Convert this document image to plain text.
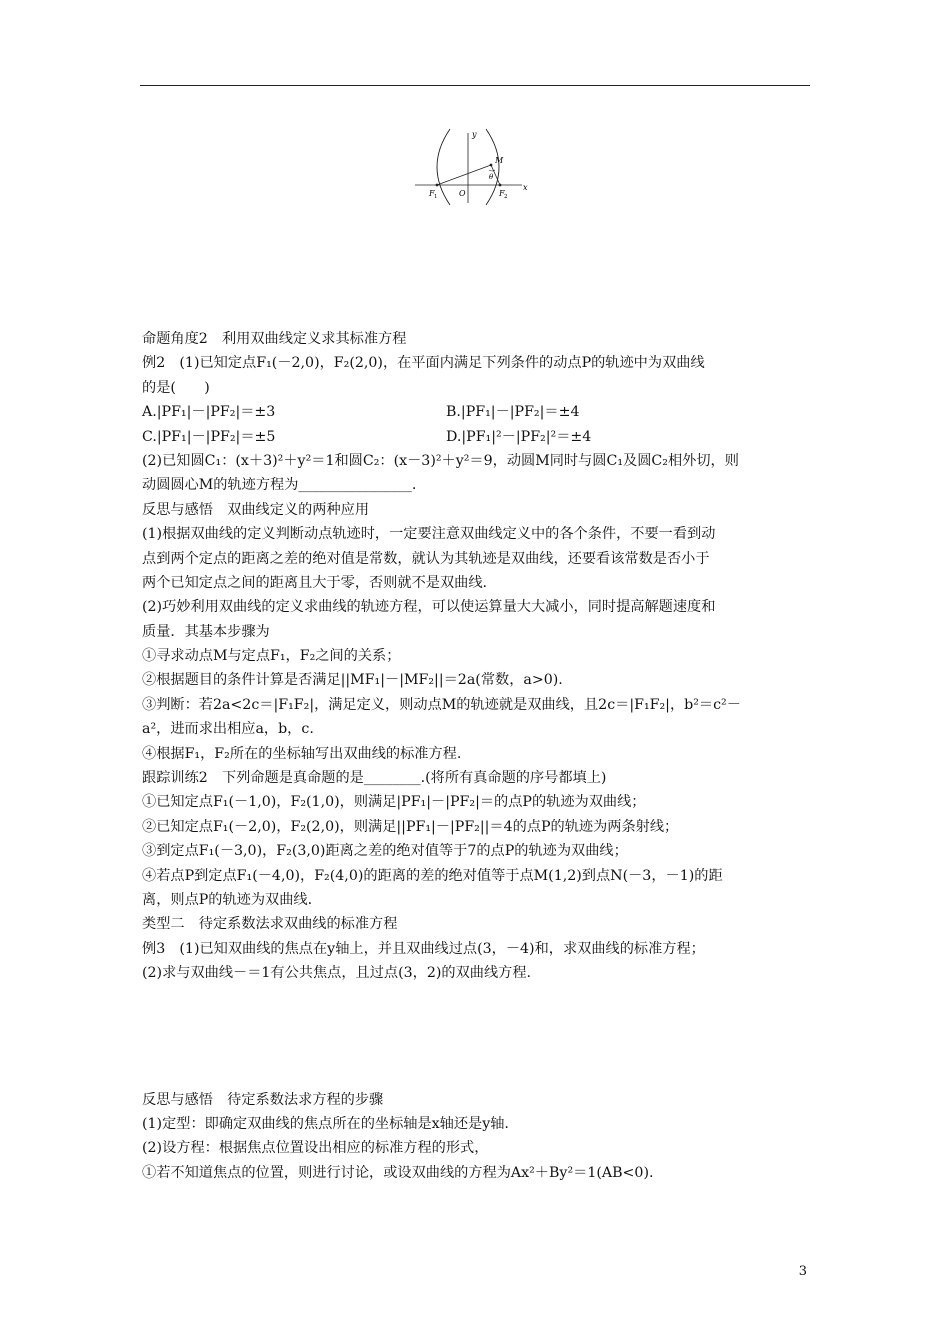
y
x
M
θ
F 1	O	F 2
命题角度2　利用双曲线定义求其标准方程
例2　(1)已知定点F₁(－2,0)，F₂(2,0)，在平面内满足下列条件的动点P的轨迹中为双曲线
的是(　　)
A.|PF₁|－|PF₂|＝±3	B.|PF₁|－|PF₂|＝±4
C.|PF₁|－|PF₂|＝±5	D.|PF₁|²－|PF₂|²＝±4
(2)已知圆C₁：(x＋3)²＋y²＝1和圆C₂：(x－3)²＋y²＝9，动圆M同时与圆C₁及圆C₂相外切，则
动圆圆心M的轨迹方程为________________.
反思与感悟　双曲线定义的两种应用
(1)根据双曲线的定义判断动点轨迹时，一定要注意双曲线定义中的各个条件，不要一看到动
点到两个定点的距离之差的绝对值是常数，就认为其轨迹是双曲线，还要看该常数是否小于
两个已知定点之间的距离且大于零，否则就不是双曲线.
(2)巧妙利用双曲线的定义求曲线的轨迹方程，可以使运算量大大减小，同时提高解题速度和
质量．其基本步骤为
①寻求动点M与定点F₁，F₂之间的关系；
②根据题目的条件计算是否满足||MF₁|－|MF₂||＝2a(常数，a>0).
③判断：若2a<2c＝|F₁F₂|，满足定义，则动点M的轨迹就是双曲线，且2c＝|F₁F₂|，b²＝c²－
a²，进而求出相应a，b，c.
④根据F₁，F₂所在的坐标轴写出双曲线的标准方程.
跟踪训练2　下列命题是真命题的是________.(将所有真命题的序号都填上)
①已知定点F₁(－1,0)，F₂(1,0)，则满足|PF₁|－|PF₂|＝的点P的轨迹为双曲线；
②已知定点F₁(－2,0)，F₂(2,0)，则满足||PF₁|－|PF₂||＝4的点P的轨迹为两条射线；
③到定点F₁(－3,0)，F₂(3,0)距离之差的绝对值等于7的点P的轨迹为双曲线；
④若点P到定点F₁(－4,0)，F₂(4,0)的距离的差的绝对值等于点M(1,2)到点N(－3，－1)的距
离，则点P的轨迹为双曲线.
类型二　待定系数法求双曲线的标准方程
例3　(1)已知双曲线的焦点在y轴上，并且双曲线过点(3，－4)和，求双曲线的标准方程；
(2)求与双曲线－＝1有公共焦点，且过点(3，2)的双曲线方程.
反思与感悟　待定系数法求方程的步骤
(1)定型：即确定双曲线的焦点所在的坐标轴是x轴还是y轴.
(2)设方程：根据焦点位置设出相应的标准方程的形式，
①若不知道焦点的位置，则进行讨论，或设双曲线的方程为Ax²＋By²＝1(AB<0).
3
